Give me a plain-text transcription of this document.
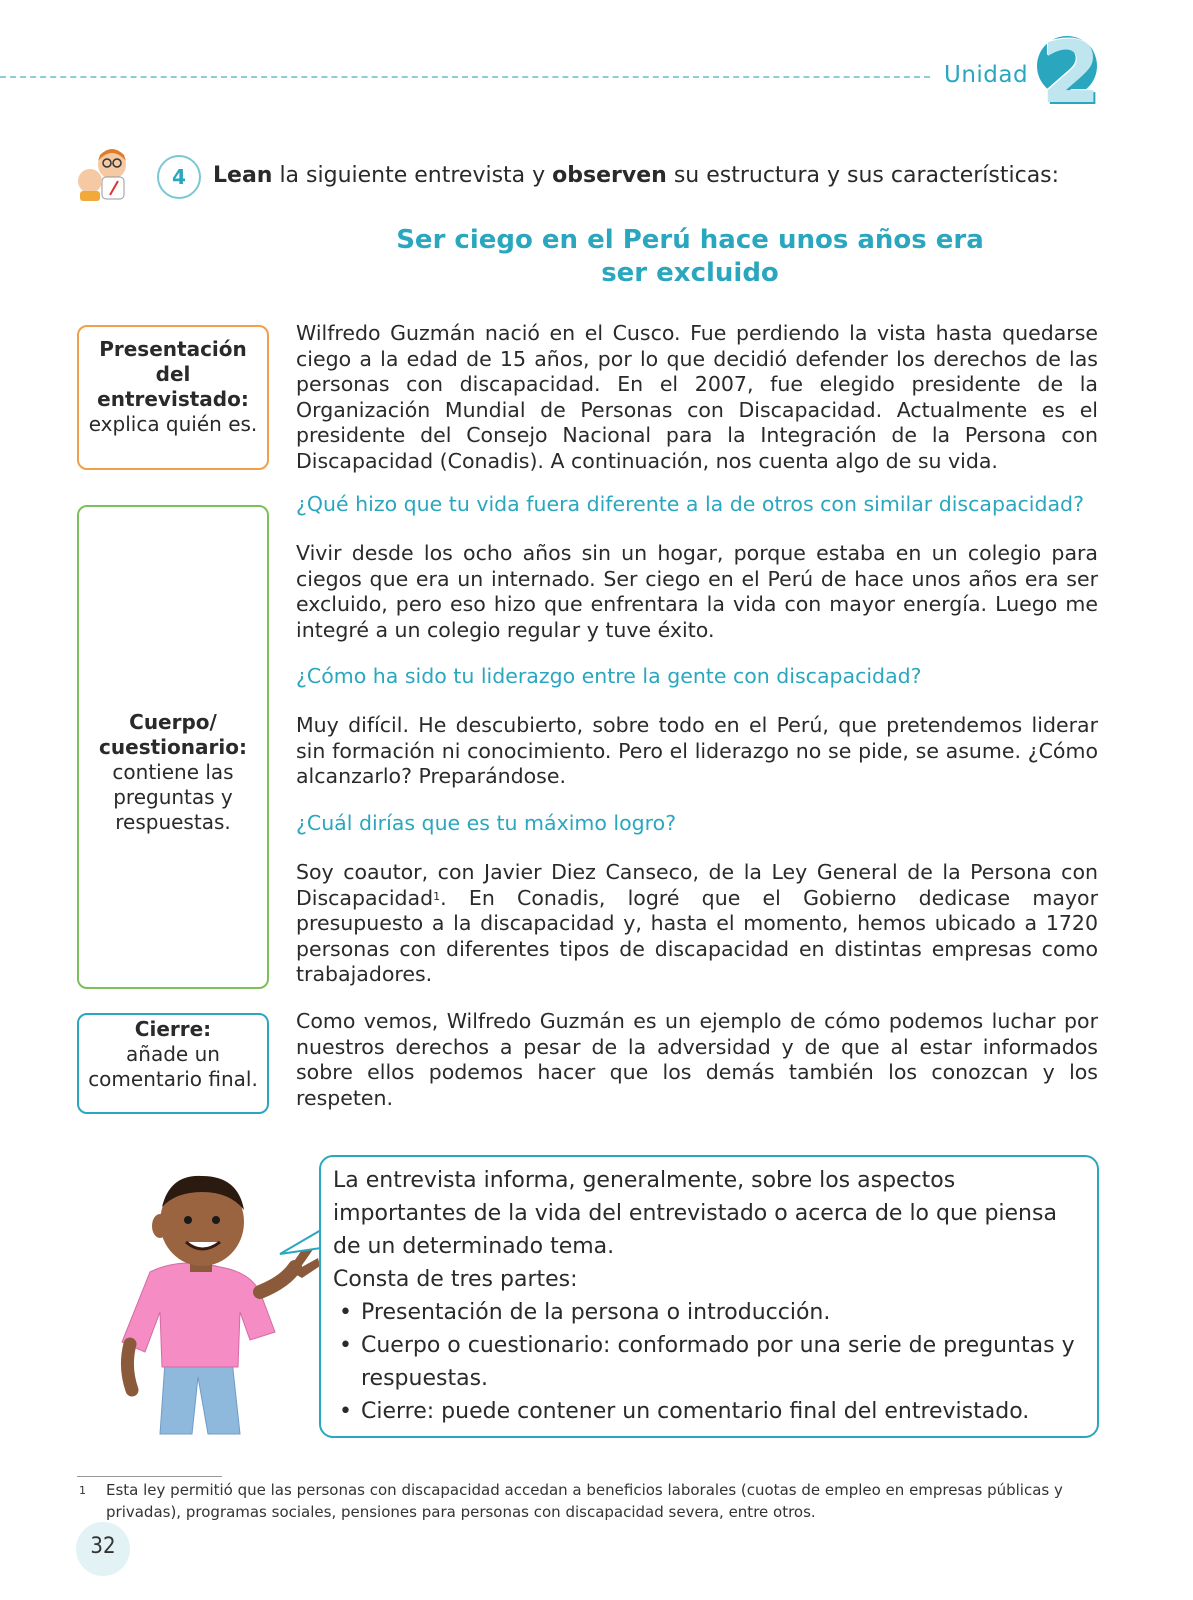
Unidad 2
4	Lean la siguiente entrevista y observen su estructura y sus características:
Ser ciego en el Perú hace unos años era
ser excluido
Presentación del entrevistado:
explica quién es.
Cuerpo/ cuestionario:
contiene las preguntas y respuestas.
Cierre:
añade un comentario final.

Wilfredo Guzmán nació en el Cusco. Fue perdiendo la vista hasta quedarse ciego a la edad de 15 años, por lo que decidió defender los derechos de las personas con discapacidad. En el 2007, fue elegido presidente de la Organización Mundial de Personas con Discapacidad. Actualmente es el presidente del Consejo Nacional para la Integración de la Persona con Discapacidad (Conadis). A continuación, nos cuenta algo de su vida.

¿Qué hizo que tu vida fuera diferente a la de otros con similar discapacidad?

Vivir desde los ocho años sin un hogar, porque estaba en un colegio para ciegos que era un internado. Ser ciego en el Perú de hace unos años era ser excluido, pero eso hizo que enfrentara la vida con mayor energía. Luego me integré a un colegio regular y tuve éxito.

¿Cómo ha sido tu liderazgo entre la gente con discapacidad?

Muy difícil. He descubierto, sobre todo en el Perú, que pretendemos liderar sin formación ni conocimiento. Pero el liderazgo no se pide, se asume. ¿Cómo alcanzarlo? Preparándose.

¿Cuál dirías que es tu máximo logro?

Soy coautor, con Javier Diez Canseco, de la Ley General de la Persona con Discapacidad$^1$. En Conadis, logré que el Gobierno dedicase mayor presupuesto a la discapacidad y, hasta el momento, hemos ubicado a 1720 personas con diferentes tipos de discapacidad en distintas empresas como trabajadores.

Como vemos, Wilfredo Guzmán es un ejemplo de cómo podemos luchar por nuestros derechos a pesar de la adversidad y de que al estar informados sobre ellos podemos hacer que los demás también los conozcan y los respeten.

La entrevista informa, generalmente, sobre los aspectos importantes de la vida del entrevistado o acerca de lo que piensa de un determinado tema.

Consta de tres partes:

• Presentación de la persona o introducción.
• Cuerpo o cuestionario: conformado por una serie de preguntas y respuestas.
• Cierre: puede contener un comentario final del entrevistado.
1 Esta ley permitió que las personas con discapacidad accedan a beneficios laborales (cuotas de empleo en empresas públicas y privadas), programas sociales, pensiones para personas con discapacidad severa, entre otros.

32
